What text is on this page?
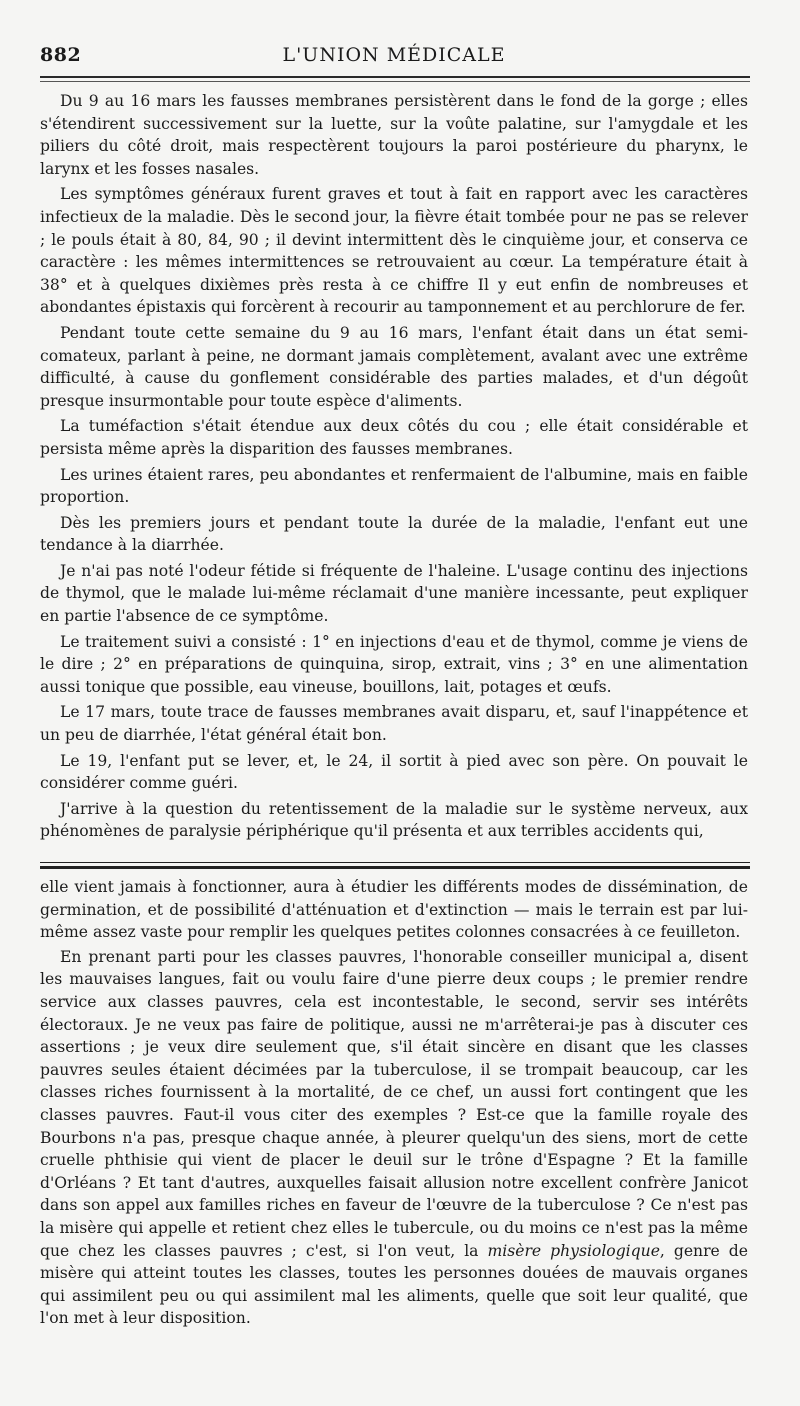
882	L'UNION MÉDICALE

Du 9 au 16 mars les fausses membranes persistèrent dans le fond de la gorge ; elles s'étendirent successivement sur la luette, sur la voûte palatine, sur l'amygdale et les piliers du côté droit, mais respectèrent toujours la paroi postérieure du pharynx, le larynx et les fosses nasales.

Les symptômes généraux furent graves et tout à fait en rapport avec les caractères infectieux de la maladie. Dès le second jour, la fièvre était tombée pour ne pas se relever ; le pouls était à 80, 84, 90 ; il devint intermittent dès le cinquième jour, et conserva ce caractère : les mêmes intermittences se retrouvaient au cœur. La température était à 38° et à quelques dixièmes près resta à ce chiffre Il y eut enfin de nombreuses et abondantes épistaxis qui forcèrent à recourir au tamponnement et au perchlorure de fer.

Pendant toute cette semaine du 9 au 16 mars, l'enfant était dans un état semi-comateux, parlant à peine, ne dormant jamais complètement, avalant avec une extrême difficulté, à cause du gonflement considérable des parties malades, et d'un dégoût presque insurmontable pour toute espèce d'aliments.

La tuméfaction s'était étendue aux deux côtés du cou ; elle était considérable et persista même après la disparition des fausses membranes.

Les urines étaient rares, peu abondantes et renfermaient de l'albumine, mais en faible proportion.

Dès les premiers jours et pendant toute la durée de la maladie, l'enfant eut une tendance à la diarrhée.

Je n'ai pas noté l'odeur fétide si fréquente de l'haleine. L'usage continu des injections de thymol, que le malade lui-même réclamait d'une manière incessante, peut expliquer en partie l'absence de ce symptôme.

Le traitement suivi a consisté : 1° en injections d'eau et de thymol, comme je viens de le dire ; 2° en préparations de quinquina, sirop, extrait, vins ; 3° en une alimentation aussi tonique que possible, eau vineuse, bouillons, lait, potages et œufs.

Le 17 mars, toute trace de fausses membranes avait disparu, et, sauf l'inappétence et un peu de diarrhée, l'état général était bon.

Le 19, l'enfant put se lever, et, le 24, il sortit à pied avec son père. On pouvait le considérer comme guéri.

J'arrive à la question du retentissement de la maladie sur le système nerveux, aux phénomènes de paralysie périphérique qu'il présenta et aux terribles accidents qui,

elle vient jamais à fonctionner, aura à étudier les différents modes de dissémination, de germination, et de possibilité d'atténuation et d'extinction — mais le terrain est par lui-même assez vaste pour remplir les quelques petites colonnes consacrées à ce feuilleton.

En prenant parti pour les classes pauvres, l'honorable conseiller municipal a, disent les mauvaises langues, fait ou voulu faire d'une pierre deux coups ; le premier rendre service aux classes pauvres, cela est incontestable, le second, servir ses intérêts électoraux. Je ne veux pas faire de politique, aussi ne m'arrêterai-je pas à discuter ces assertions ; je veux dire seulement que, s'il était sincère en disant que les classes pauvres seules étaient décimées par la tuberculose, il se trompait beaucoup, car les classes riches fournissent à la mortalité, de ce chef, un aussi fort contingent que les classes pauvres. Faut-il vous citer des exemples ? Est-ce que la famille royale des Bourbons n'a pas, presque chaque année, à pleurer quelqu'un des siens, mort de cette cruelle phthisie qui vient de placer le deuil sur le trône d'Espagne ? Et la famille d'Orléans ? Et tant d'autres, auxquelles faisait allusion notre excellent confrère Janicot dans son appel aux familles riches en faveur de l'œuvre de la tuberculose ? Ce n'est pas la misère qui appelle et retient chez elles le tubercule, ou du moins ce n'est pas la même que chez les classes pauvres ; c'est, si l'on veut, la misère physiologique, genre de misère qui atteint toutes les classes, toutes les personnes douées de mauvais organes qui assimilent peu ou qui assimilent mal les aliments, quelle que soit leur qualité, que l'on met à leur disposition.
